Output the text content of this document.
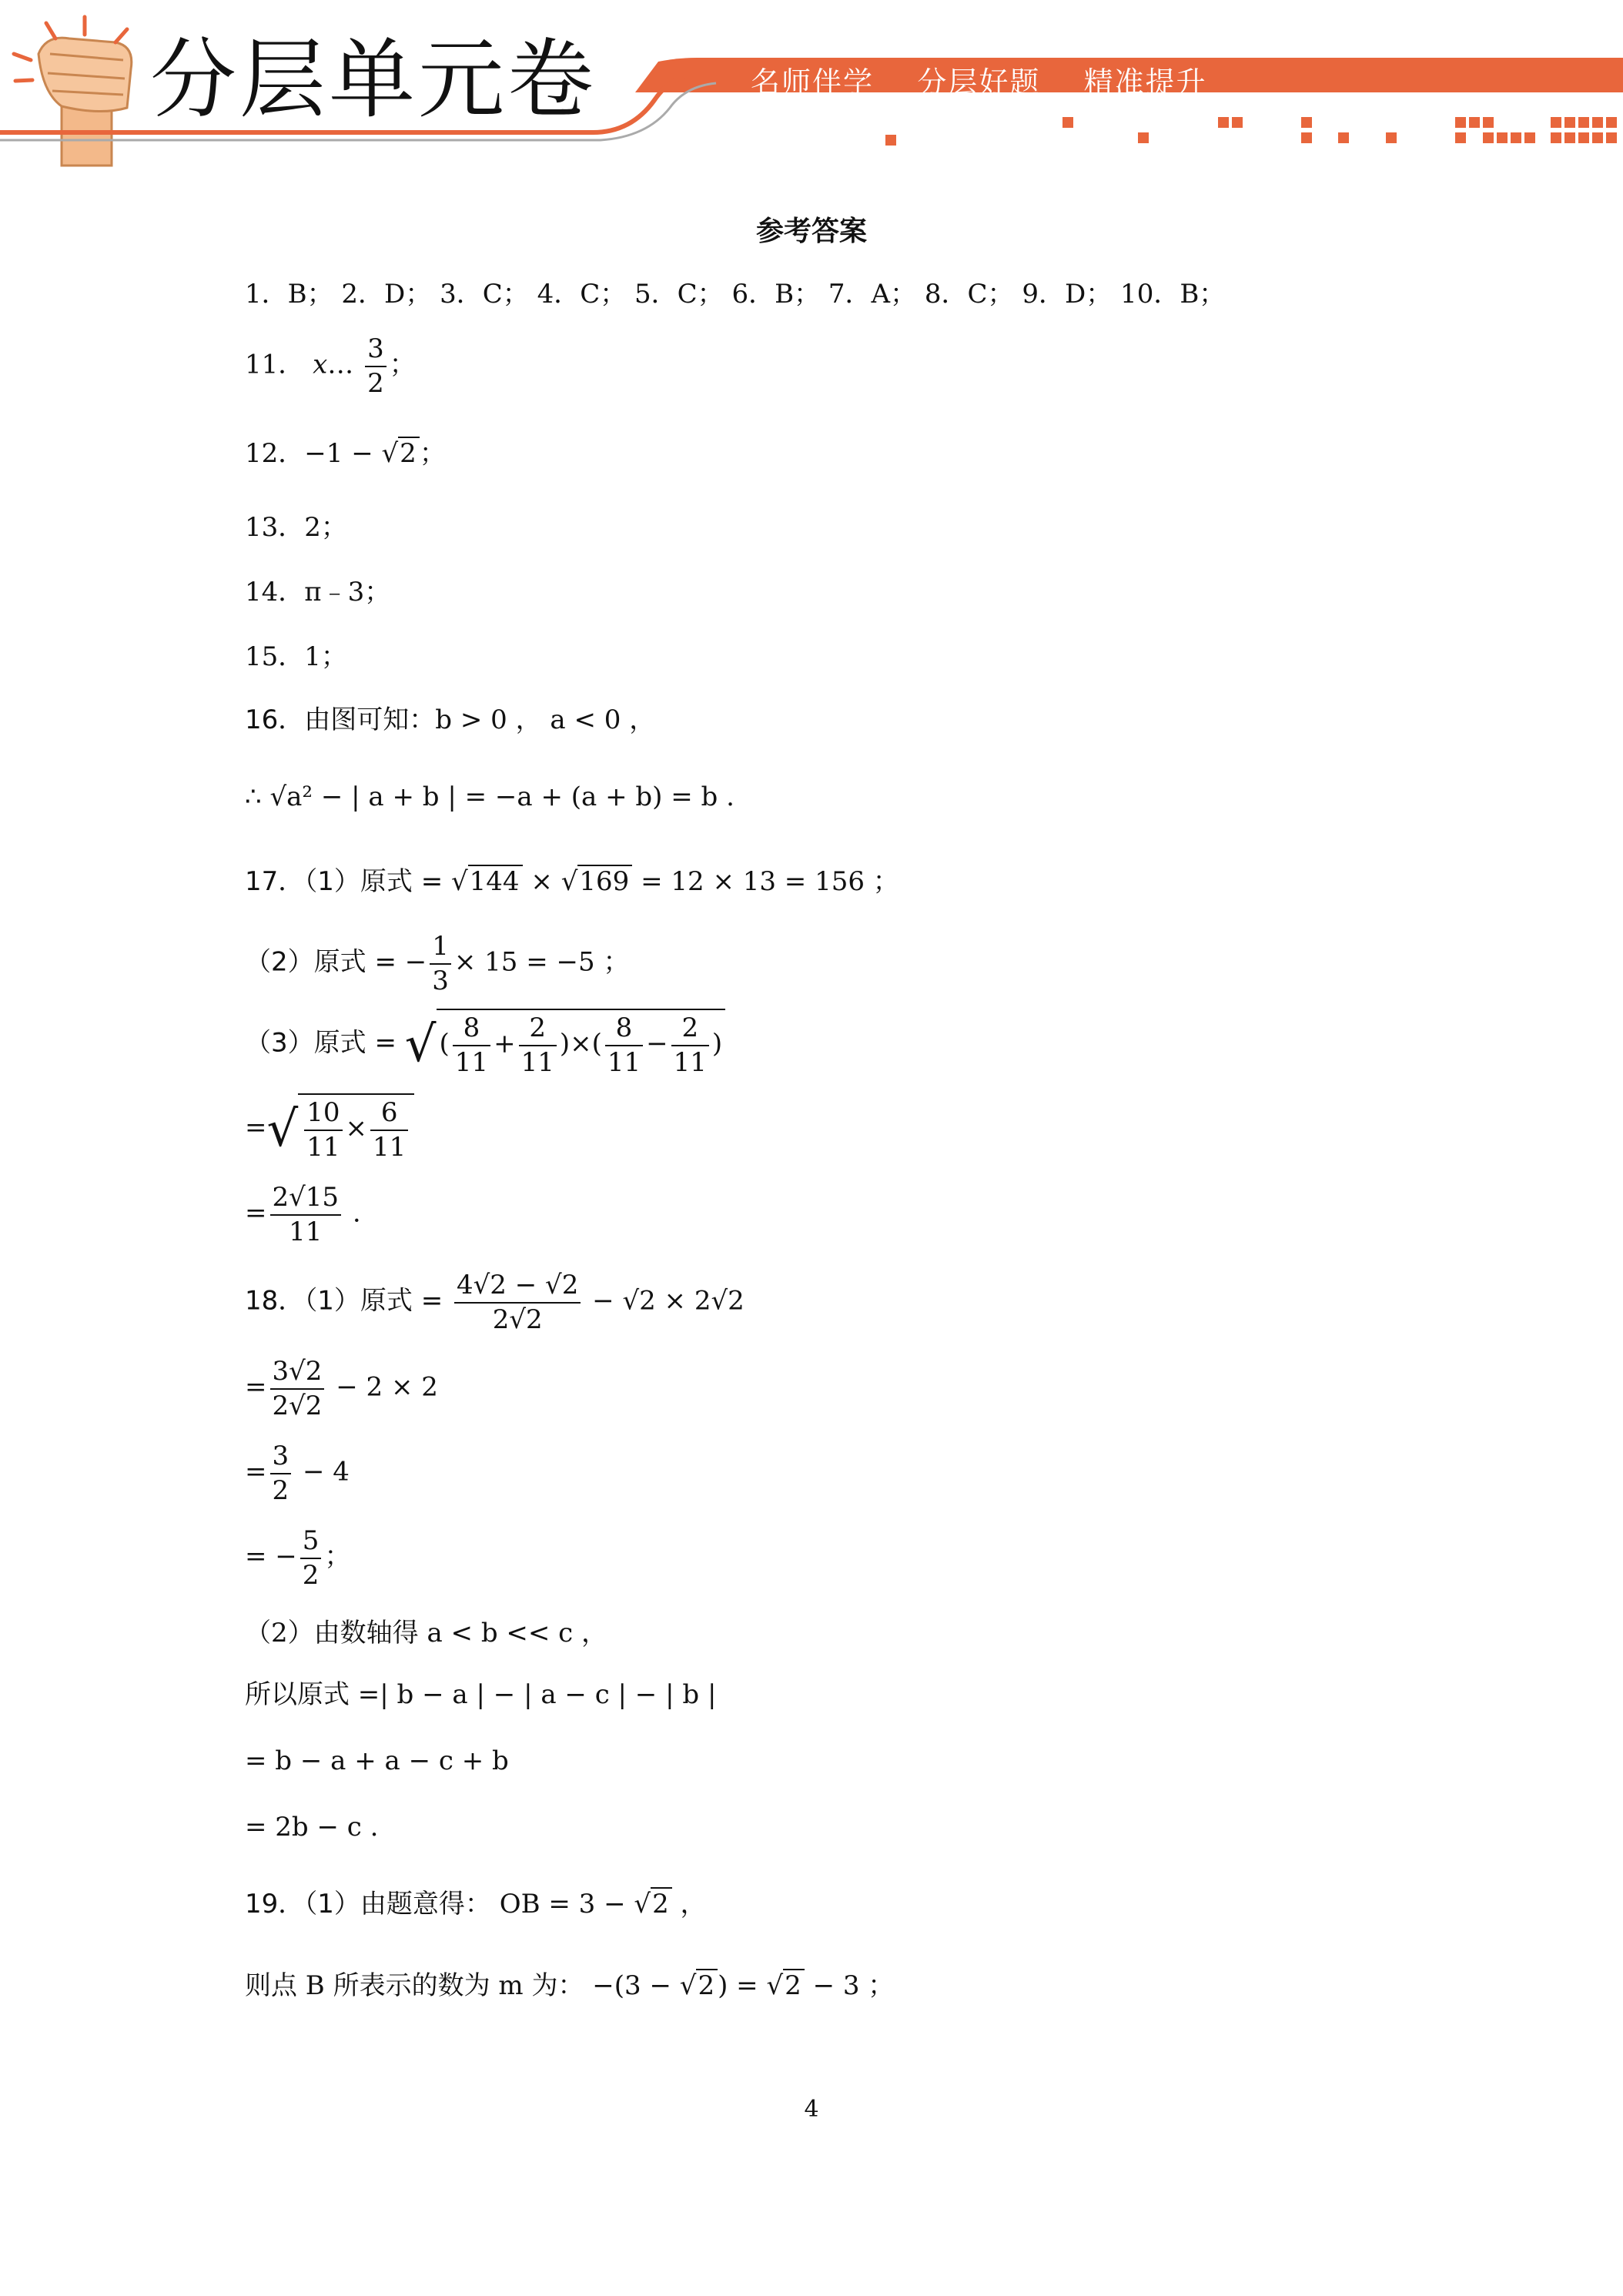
分层单元卷	名师伴学    分层好题    精准提升
参考答案
1．B； 2．D； 3．C； 4．C； 5．C； 6．B； 7．A； 8．C； 9．D； 10．B；
11． x… $\frac{3}{2}$ ；
12．−1 − √2 ；
13．2；
14．π﹣3；
15．1；
16．由图可知：b > 0 ， a < 0 ，
∴ √a² − | a + b | = −a + (a + b) = b .
17．（1）原式 = √144 × √169 = 12 × 13 = 156 ；
（2）原式 = − $\frac{1}{3} \times 15 = -5$ ；
（3）原式 = √ ( $\frac{8}{11} + \frac{2}{11}$ )×( $\frac{8}{11} - \frac{2}{11}$ )
=√ $\frac{10}{11} \times \frac{6}{11}$
= $\frac{2√15}{11}$ .
18．（1）原式 = $\frac{4√2 - √2}{2√2} - √2 \times 2√2$
= $\frac{3√2}{2√2} - 2 \times 2$
= $\frac{3}{2} - 4$
= − $\frac{5}{2}$ ；
（2）由数轴得 a < b << c ，
所以原式 =| b − a | − | a − c | − | b |
= b − a + a − c + b
= 2b − c .
19．（1）由题意得： OB = 3 − √2 ，
则点 B 所表示的数为 m 为： −(3 − √2 ) = √2 − 3 ；
4
